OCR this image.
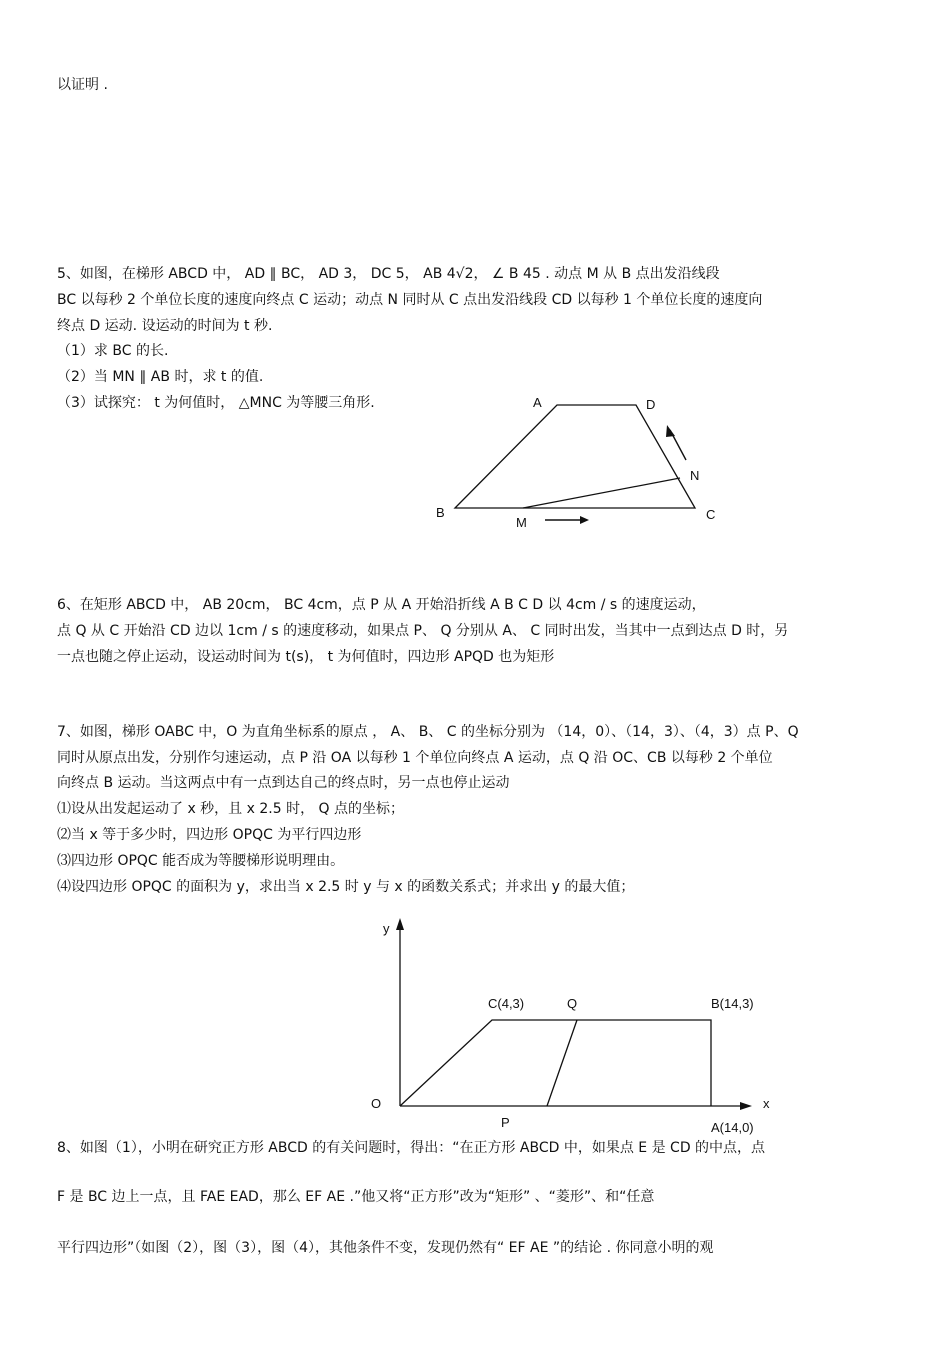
以证明 .
5、如图，在梯形 ABCD 中， AD ∥ BC， AD 3， DC 5， AB 4√2， ∠ B 45 . 动点 M 从 B 点出发沿线段
BC 以每秒 2 个单位长度的速度向终点 C 运动；动点 N 同时从 C 点出发沿线段 CD 以每秒 1 个单位长度的速度向
终点 D 运动. 设运动的时间为 t 秒.
（1）求 BC 的长.
（2）当 MN ∥ AB 时，求 t 的值.
（3）试探究： t 为何值时， △MNC 为等腰三角形.	A	D
B	C
N
M
6、在矩形 ABCD 中， AB 20cm， BC 4cm，点 P 从 A 开始沿折线 A B C D 以 4cm / s 的速度运动，
点 Q 从 C 开始沿 CD 边以 1cm / s 的速度移动，如果点 P、 Q 分别从 A、 C 同时出发，当其中一点到达点 D 时，另
一点也随之停止运动，设运动时间为 t(s)， t 为何值时，四边形 APQD 也为矩形
7、如图，梯形 OABC 中，O 为直角坐标系的原点 ， A、 B、 C 的坐标分别为 （14，0）、（14，3）、（4，3）点 P、Q
同时从原点出发，分别作匀速运动，点 P 沿 OA 以每秒 1 个单位向终点 A 运动，点 Q 沿 OC、CB 以每秒 2 个单位
向终点 B 运动。当这两点中有一点到达自己的终点时，另一点也停止运动
⑴设从出发起运动了 x 秒，且 x 2.5 时， Q 点的坐标；
⑵当 x 等于多少时，四边形 OPQC 为平行四边形
⑶四边形 OPQC 能否成为等腰梯形说明理由。
⑷设四边形 OPQC 的面积为 y，求出当 x 2.5 时 y 与 x 的函数关系式；并求出 y 的最大值；
y
x
O
P
Q
C(4,3)	B(14,3)
A(14,0)
8、如图（1），小明在研究正方形 ABCD 的有关问题时，得出：“在正方形 ABCD 中，如果点 E 是 CD 的中点，点
F 是 BC 边上一点，且 FAE EAD，那么 EF AE .”他又将“正方形”改为“矩形” 、“菱形”、和“任意
平行四边形”（如图（2），图（3），图（4），其他条件不变，发现仍然有“ EF AE ”的结论 . 你同意小明的观
